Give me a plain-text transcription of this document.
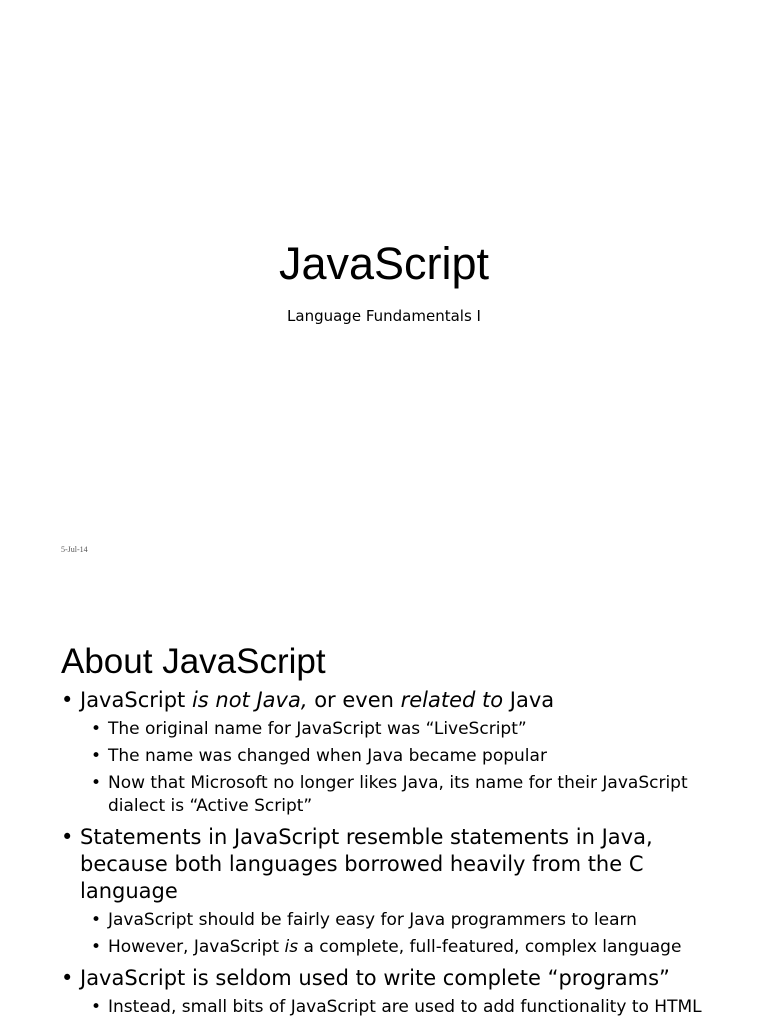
JavaScript
Language Fundamentals I
5-Jul-14
About JavaScript
• JavaScript is not Java, or even related to Java
• The original name for JavaScript was “LiveScript”
• The name was changed when Java became popular
• Now that Microsoft no longer likes Java, its name for their JavaScript dialect is “Active Script”
• Statements in JavaScript resemble statements in Java, because both languages borrowed heavily from the C language
• JavaScript should be fairly easy for Java programmers to learn
• However, JavaScript is a complete, full-featured, complex language
• JavaScript is seldom used to write complete “programs”
• Instead, small bits of JavaScript are used to add functionality to HTML
